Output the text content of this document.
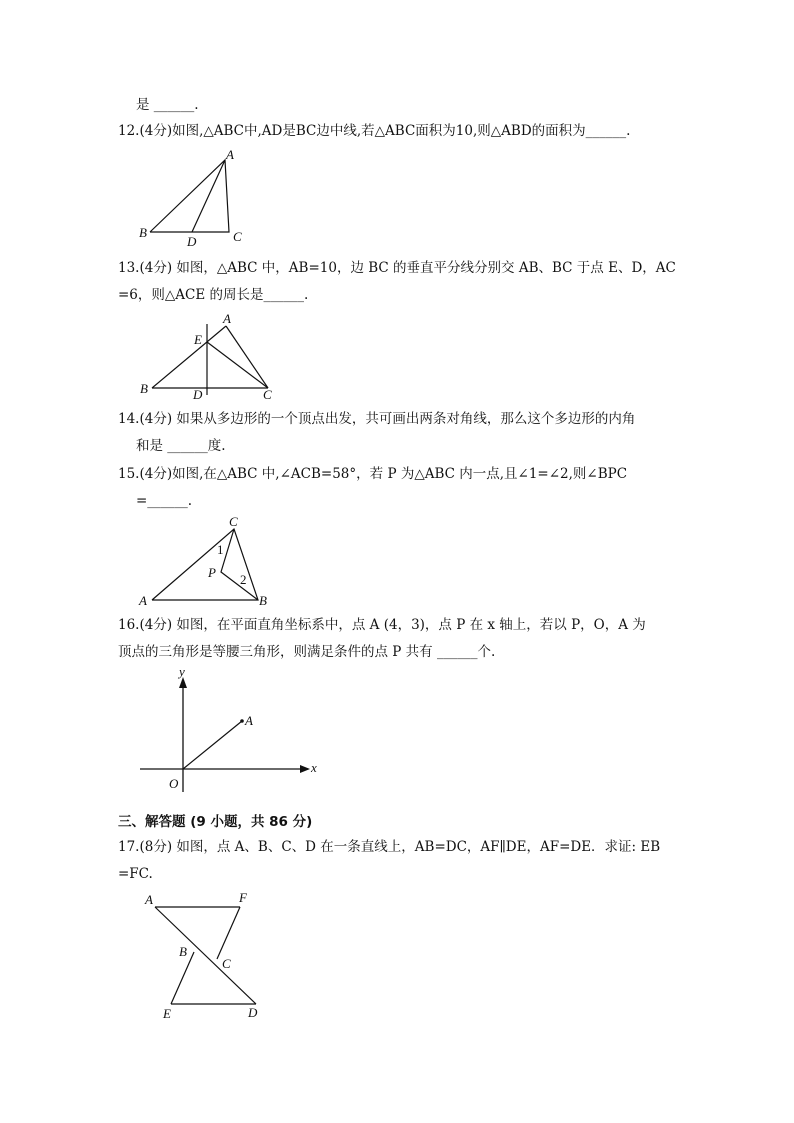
是 ______.
12.(4分)如图,△ABC中,AD是BC边中线,若△ABC面积为10,则△ABD的面积为______.
A
B	C
D
13.(4分) 如图，△ABC 中，AB=10，边 BC 的垂直平分线分别交 AB、BC 于点 E、D，AC
=6，则△ACE 的周长是______.
A
E
B	D	C
14.(4分) 如果从多边形的一个顶点出发，共可画出两条对角线，那么这个多边形的内角
和是 ______度.
15.(4分)如图,在△ABC 中,∠ACB=58°，若 P 为△ABC 内一点,且∠1=∠2,则∠BPC
=______.
C
1
P 2
A	B
16.(4分) 如图，在平面直角坐标系中，点 A (4，3)，点 P 在 x 轴上，若以 P，O，A 为
顶点的三角形是等腰三角形，则满足条件的点 P 共有 ______个.
y
x
O
A
三、解答题 (9 小题，共 86 分)
17.(8分) 如图，点 A、B、C、D 在一条直线上，AB=DC，AF∥DE，AF=DE．求证: EB
=FC.
A	F
B
C
E	D
